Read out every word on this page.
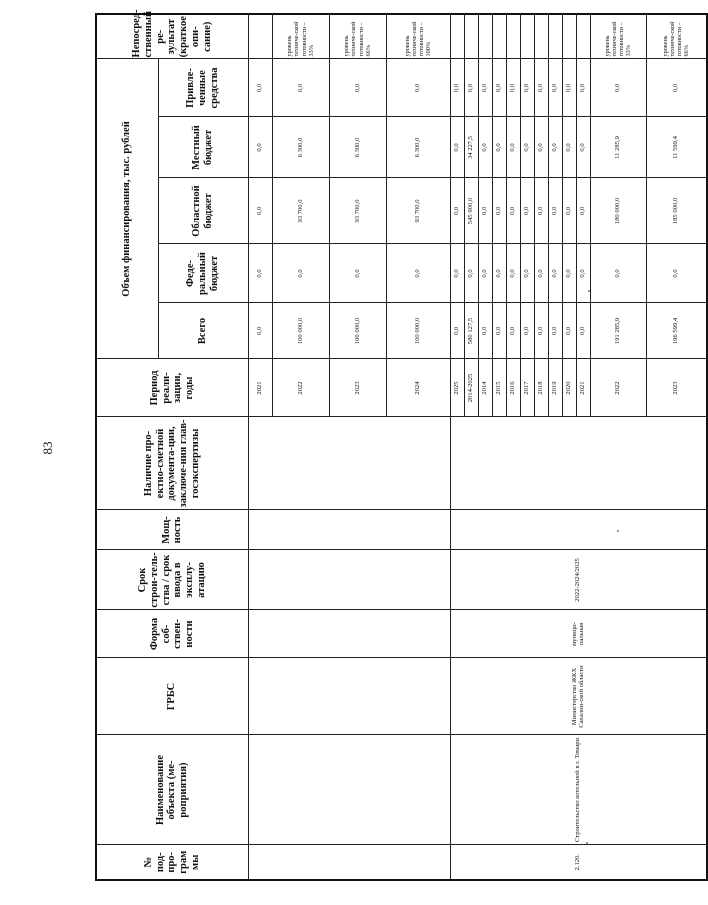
83
№ под-про-грам мы	Наименование объекта (ме-роприятия)	ГРБС	Форма соб-ствен-ности	Срок строи-тель-ства / срок ввода в эксплу-атацию	Мощ-ность	Наличие про-ектно-сметной документа-ции, заключе-ния глав-госэкспертизы	Период реали-зации, годы	Объем финансирования, тыс. рублей					Непосред-ственный ре-зультат (краткое опи-сание)
								Всего	Феде-ральный бюджет	Областной бюджет	Местный бюджет	Привле-ченные средства	
							2021	0,0	0,0	0,0	0,0	0,0	
							2022	100 000,0	0,0	93 700,0	6 300,0	0,0	уровень техниче-ской готовности – 33%
							2023	100 000,0	0,0	93 700,0	6 300,0	0,0	уровень техниче-ской готовности – 66%
							2024	100 000,0	0,0	93 700,0	6 300,0	0,0	уровень техниче-ской готовности – 100%
2.120.	Строительство котельной в г. Томари	Министерство ЖКХ Сахалин-ской области	муници-пальная	2022-2024/2025			2025	0,0	0,0	0,0	0,0	0,0	
							2014-2025	580 127,5	0,0	545 900,0	34 227,5	0,0	
							2014	0,0	0,0	0,0	0,0	0,0	
							2015	0,0	0,0	0,0	0,0	0,0	
							2016	0,0	0,0	0,0	0,0	0,0	
							2017	0,0	0,0	0,0	0,0	0,0	
							2018	0,0	0,0	0,0	0,0	0,0	
							2019	0,0	0,0	0,0	0,0	0,0	
							2020	0,0	0,0	0,0	0,0	0,0	
							2021	0,0	0,0	0,0	0,0	0,0	
							2022	191 285,9	0,0	180 000,0	11 285,9	0,0	уровень техниче-ской готовности – 33%
							2023	196 599,4	0,0	185 000,0	11 599,4	0,0	уровень техниче-ской готовности – 66%
